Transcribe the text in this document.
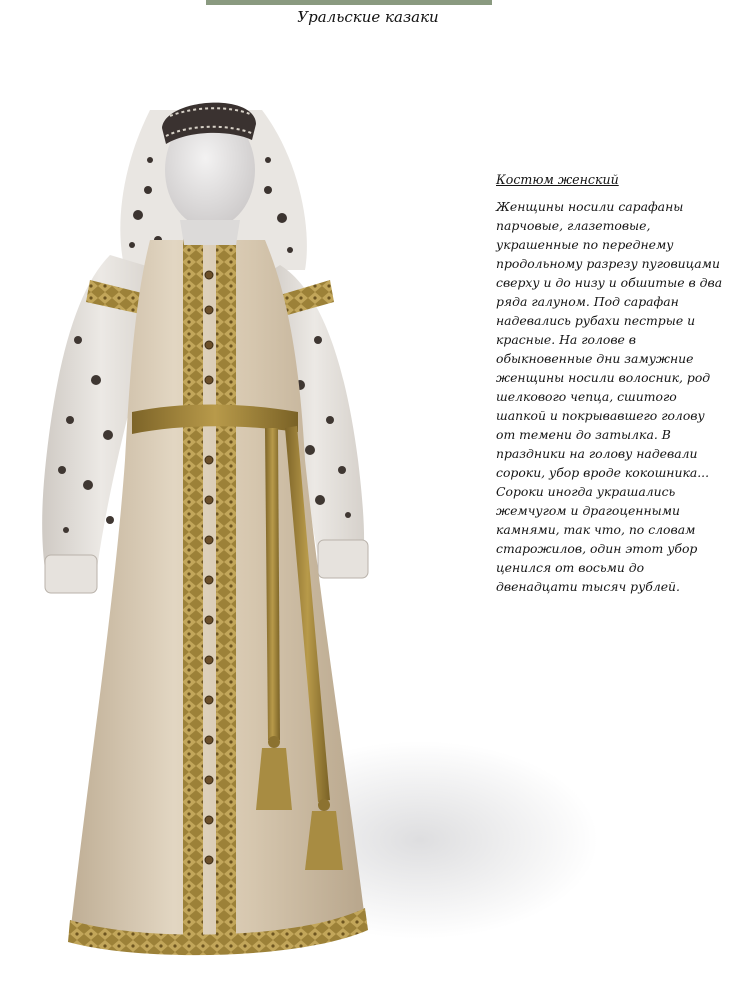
Уральские казаки
Костюм женский
Женщины носили сарафаны парчовые, глазетовые, украшенные по переднему продольному разрезу пуговицами сверху и до низу и обшитые в два ряда галуном. Под сарафан надевались рубахи пестрые и красные. На голове в обыкновенные дни замужние женщины носили волосник, род шелкового чепца, сшитого шапкой и покрывавшего голову от темени до затылка. В праздники на голову надевали сороки, убор вроде кокошника... Сороки иногда украшались жемчугом и драгоценными камнями, так что, по словам старожилов, один этот убор ценился от восьми до двенадцати тысяч рублей.
